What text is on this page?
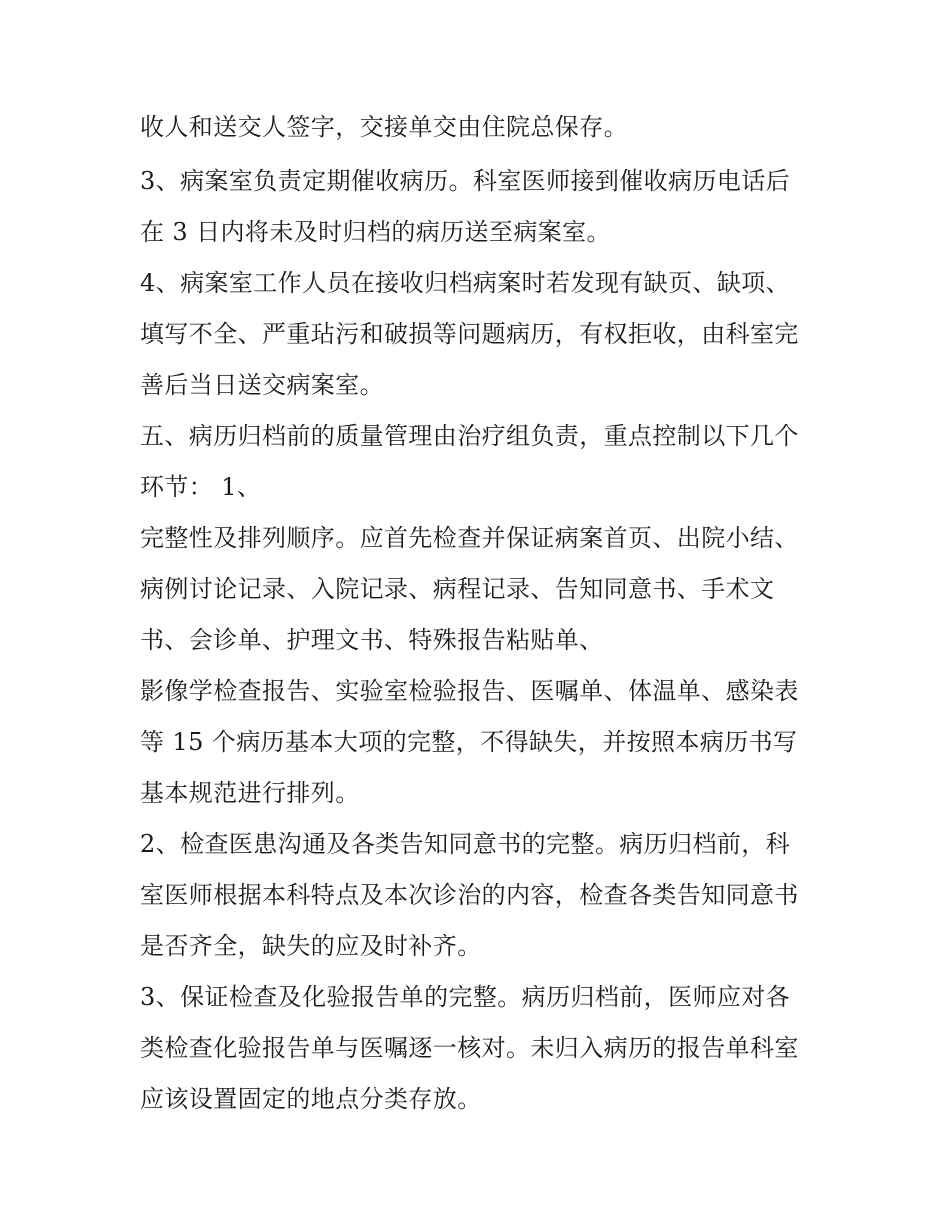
收人和送交人签字，交接单交由住院总保存。

3、病案室负责定期催收病历。科室医师接到催收病历电话后

在 3 日内将未及时归档的病历送至病案室。

4、病案室工作人员在接收归档病案时若发现有缺页、缺项、

填写不全、严重玷污和破损等问题病历，有权拒收，由科室完

善后当日送交病案室。

五、病历归档前的质量管理由治疗组负责，重点控制以下几个

环节： 1、

完整性及排列顺序。应首先检查并保证病案首页、出院小结、

病例讨论记录、入院记录、病程记录、告知同意书、手术文

书、会诊单、护理文书、特殊报告粘贴单、

影像学检查报告、实验室检验报告、医嘱单、体温单、感染表

等 15 个病历基本大项的完整，不得缺失，并按照本病历书写

基本规范进行排列。

2、检查医患沟通及各类告知同意书的完整。病历归档前，科

室医师根据本科特点及本次诊治的内容，检查各类告知同意书

是否齐全，缺失的应及时补齐。

3、保证检查及化验报告单的完整。病历归档前，医师应对各

类检查化验报告单与医嘱逐一核对。未归入病历的报告单科室

应该设置固定的地点分类存放。
